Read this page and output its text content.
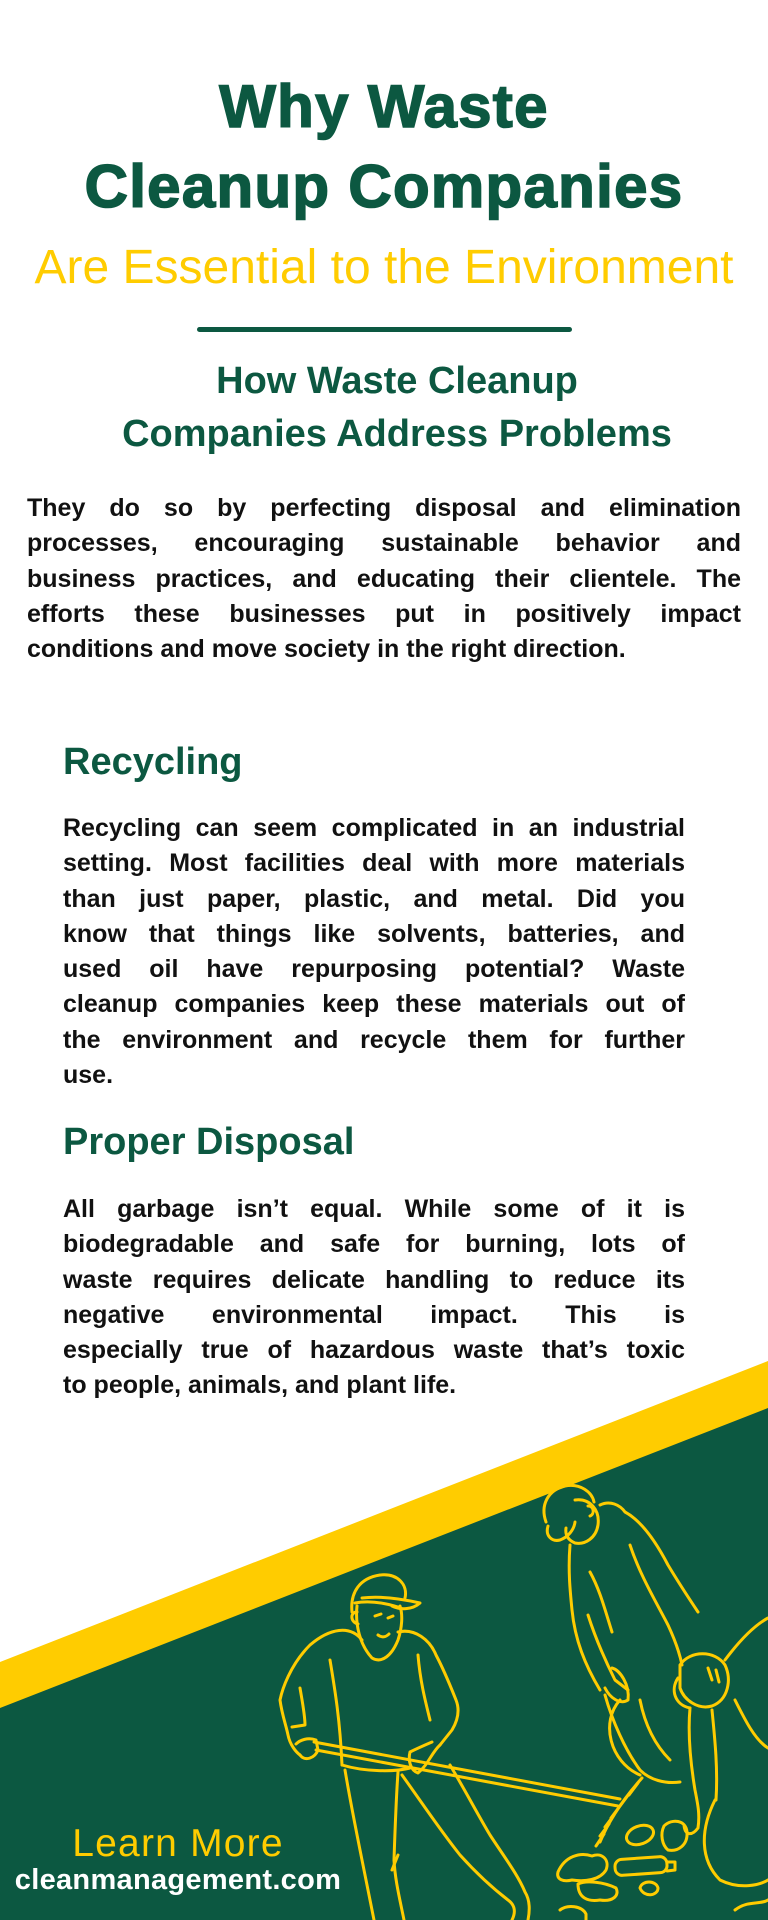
Why Waste
Cleanup Companies
Are Essential to the Environment
How Waste Cleanup
Companies Address Problems
They do so by perfecting disposal and elimination
processes, encouraging sustainable behavior and
business practices, and educating their clientele. The
efforts these businesses put in positively impact
conditions and move society in the right direction.
Recycling
Recycling can seem complicated in an industrial
setting. Most facilities deal with more materials
than just paper, plastic, and metal. Did you
know that things like solvents, batteries, and
used oil have repurposing potential? Waste
cleanup companies keep these materials out of
the environment and recycle them for further
use.
Proper Disposal
All garbage isn’t equal. While some of it is
biodegradable and safe for burning, lots of
waste requires delicate handling to reduce its
negative environmental impact. This is
especially true of hazardous waste that’s toxic
to people, animals, and plant life.
Learn More
cleanmanagement.com
